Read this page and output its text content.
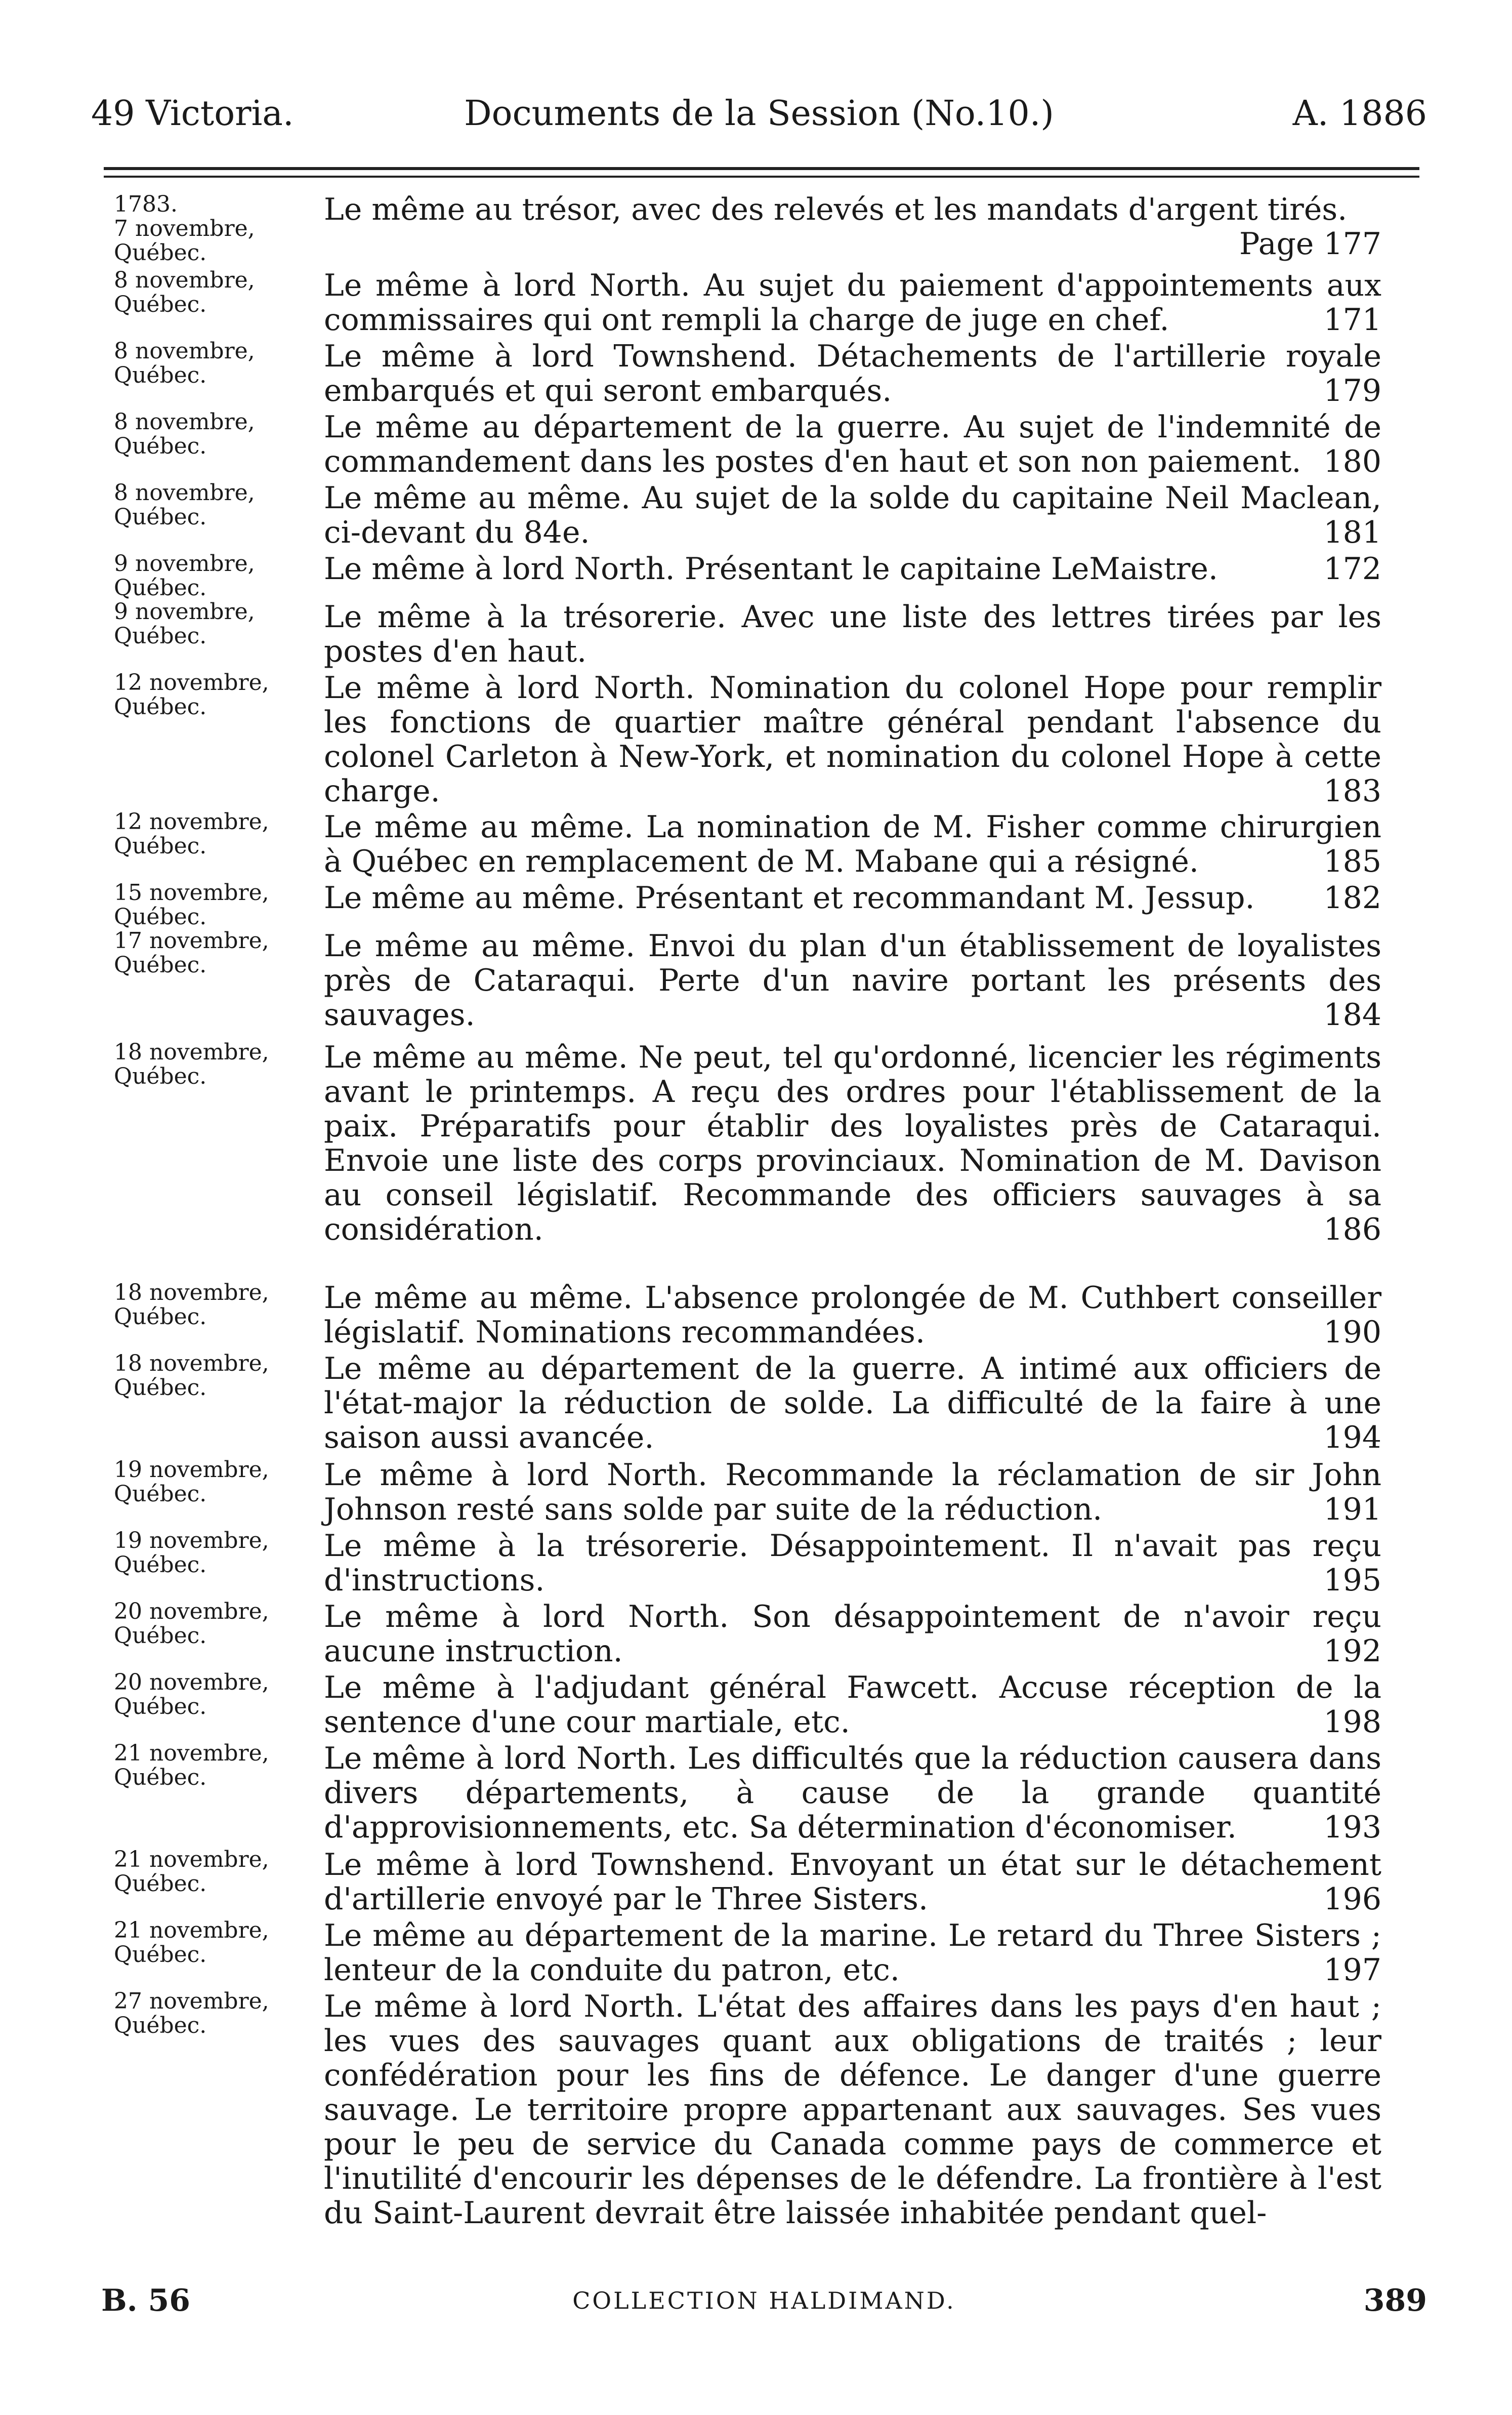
49 Victoria.	Documents de la Session (No.10.)	A. 1886
1783.
7 novembre,
Québec.
Le même au trésor, avec des relevés et les mandats d'argent tirés.

Page 177
8 novembre,
Québec.
Le même à lord North. Au sujet du paiement d'appointements aux commissaires qui ont rempli la charge de juge en chef.	171
8 novembre,
Québec.
Le même à lord Townshend. Détachements de l'artillerie royale embarqués et qui seront embarqués.	179
8 novembre,
Québec.
Le même au département de la guerre. Au sujet de l'indemnité de commandement dans les postes d'en haut et son non paiement. 180
8 novembre,
Québec.
Le même au même. Au sujet de la solde du capitaine Neil Maclean, ci-devant du 84e.	181
9 novembre,
Québec.
Le même à lord North. Présentant le capitaine LeMaistre.	172
9 novembre,
Québec.
Le même à la trésorerie. Avec une liste des lettres tirées par les postes d'en haut.
12 novembre,
Québec.
Le même à lord North. Nomination du colonel Hope pour remplir les fonctions de quartier maître général pendant l'absence du colonel Carleton à New-York, et nomination du colonel Hope à cette charge.	183
12 novembre,
Québec.
Le même au même. La nomination de M. Fisher comme chirurgien à Québec en remplacement de M. Mabane qui a résigné.	185
15 novembre,
Québec.
Le même au même. Présentant et recommandant M. Jessup.	182
17 novembre,
Québec.
Le même au même. Envoi du plan d'un établissement de loyalistes près de Cataraqui. Perte d'un navire portant les présents des sauvages.	184
18 novembre,
Québec.
Le même au même. Ne peut, tel qu'ordonné, licencier les régiments avant le printemps. A reçu des ordres pour l'établissement de la paix. Préparatifs pour établir des loyalistes près de Cataraqui. Envoie une liste des corps provinciaux. Nomination de M. Davison au conseil législatif. Recommande des officiers sauvages à sa considération.	186
18 novembre,
Québec.
Le même au même. L'absence prolongée de M. Cuthbert conseiller législatif. Nominations recommandées.	190
18 novembre,
Québec.
Le même au département de la guerre. A intimé aux officiers de l'état-major la réduction de solde. La difficulté de la faire à une saison aussi avancée.	194
19 novembre,
Québec.
Le même à lord North. Recommande la réclamation de sir John Johnson resté sans solde par suite de la réduction.	191
19 novembre,
Québec.
Le même à la trésorerie. Désappointement. Il n'avait pas reçu d'instructions.	195
20 novembre,
Québec.
Le même à lord North. Son désappointement de n'avoir reçu aucune instruction.	192
20 novembre,
Québec.
Le même à l'adjudant général Fawcett. Accuse réception de la sentence d'une cour martiale, etc.	198
21 novembre,
Québec.
Le même à lord North. Les difficultés que la réduction causera dans divers départements, à cause de la grande quantité d'approvisionnements, etc. Sa détermination d'économiser.	193
21 novembre,
Québec.
Le même à lord Townshend. Envoyant un état sur le détachement d'artillerie envoyé par le Three Sisters.	196
21 novembre,
Québec.
Le même au département de la marine. Le retard du Three Sisters ; lenteur de la conduite du patron, etc.	197
27 novembre,
Québec.
Le même à lord North. L'état des affaires dans les pays d'en haut ; les vues des sauvages quant aux obligations de traités ; leur confédération pour les fins de défence. Le danger d'une guerre sauvage. Le territoire propre appartenant aux sauvages. Ses vues pour le peu de service du Canada comme pays de commerce et l'inutilité d'encourir les dépenses de le défendre. La frontière à l'est du Saint-Laurent devrait être laissée inhabitée pendant quel-
B. 56	COLLECTION HALDIMAND.	389
